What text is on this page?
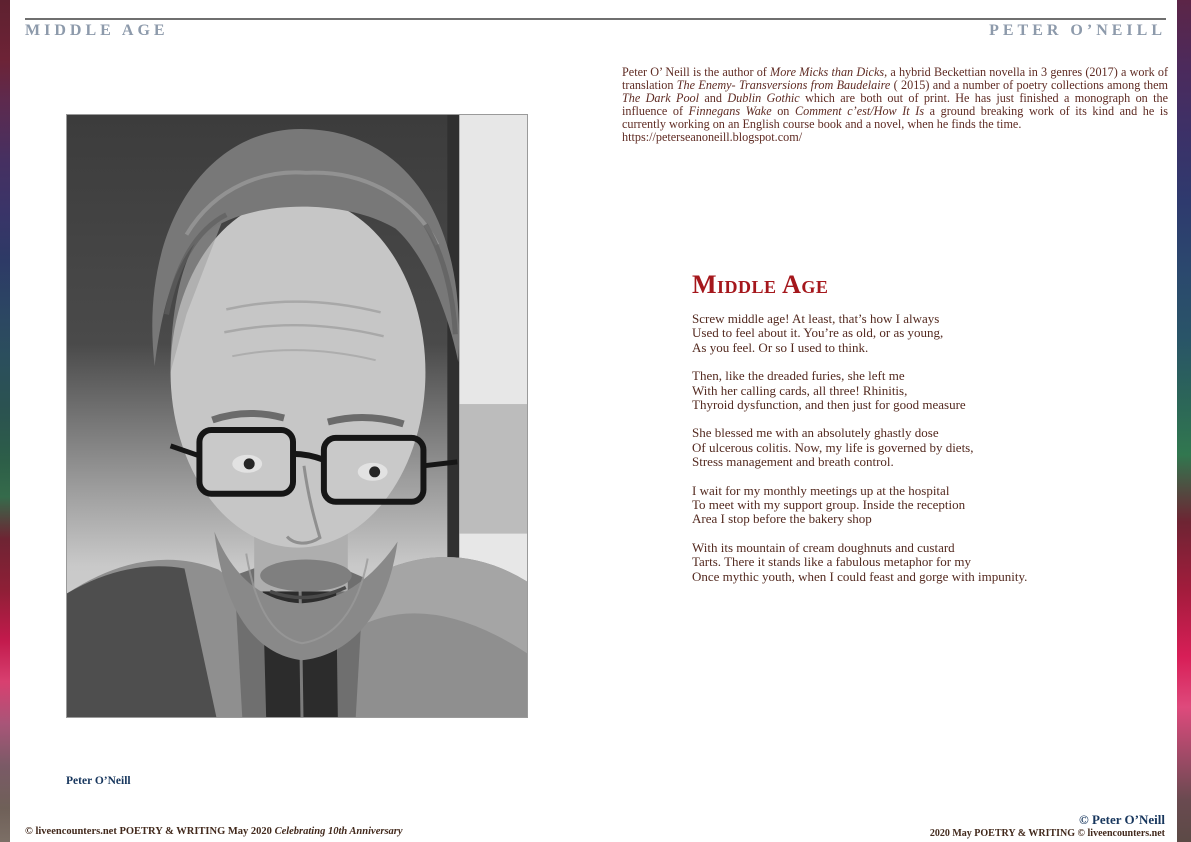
MIDDLE AGE	PETER O’NEILL
Peter O’ Neill is the author of More Micks than Dicks, a hybrid Beckettian novella in 3 genres (2017) a work of translation The Enemy- Transversions from Baudelaire ( 2015) and a number of poetry collections among them The Dark Pool and Dublin Gothic which are both out of print. He has just finished a monograph on the influence of Finnegans Wake on Comment c’est/How It Is a ground breaking work of its kind and he is currently working on an English course book and a novel, when he finds the time.
https://peterseanoneill.blogspot.com/
Peter O’Neill
Middle Age
Screw middle age! At least, that’s how I always
Used to feel about it. You’re as old, or as young,
As you feel. Or so I used to think.
Then, like the dreaded furies, she left me
With her calling cards, all three! Rhinitis,
Thyroid dysfunction, and then just for good measure
She blessed me with an absolutely ghastly dose
Of ulcerous colitis. Now, my life is governed by diets,
Stress management and breath control.
I wait for my monthly meetings up at the hospital
To meet with my support group. Inside the reception
Area I stop before the bakery shop
With its mountain of cream doughnuts and custard
Tarts. There it stands like a fabulous metaphor for my
Once mythic youth, when I could feast and gorge with impunity.
© liveencounters.net POETRY & WRITING May 2020 Celebrating 10th Anniversary
© Peter O’Neill
2020 May POETRY & WRITING © liveencounters.net
